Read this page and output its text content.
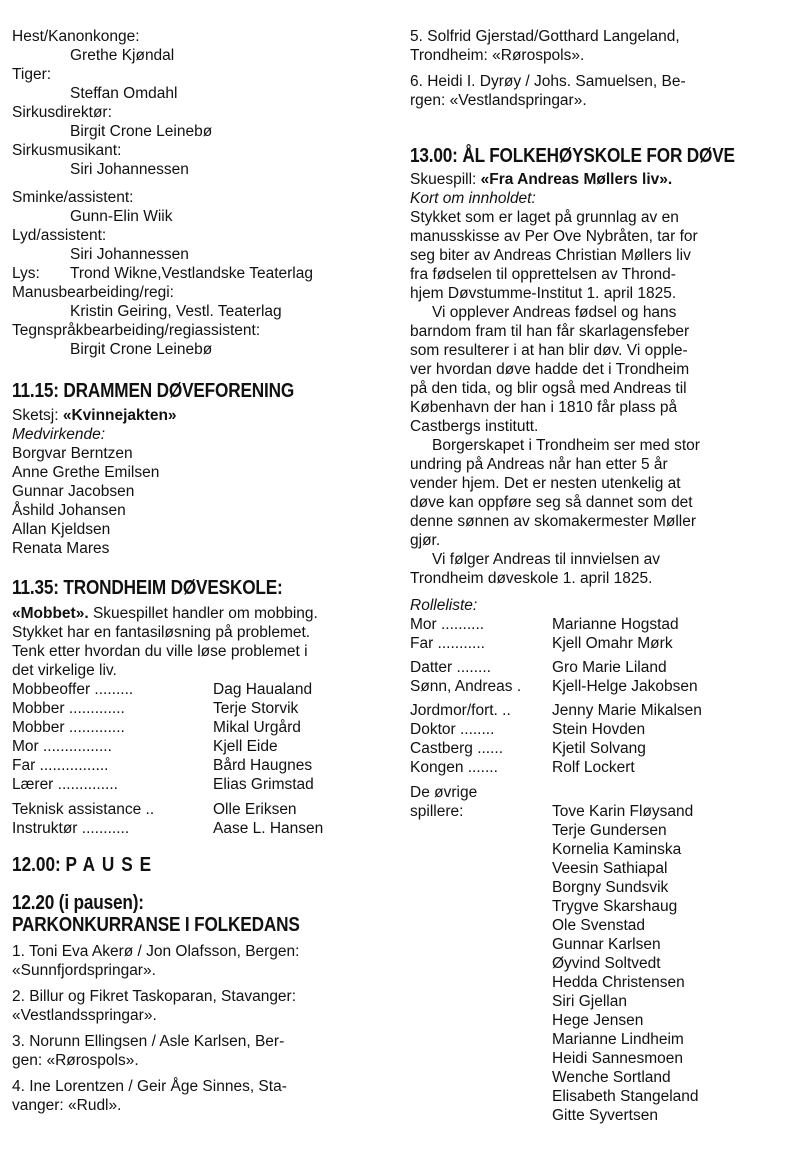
Hest/Kanonkonge:
Grethe Kjøndal
Tiger:
Steffan Omdahl
Sirkusdirektør:
Birgit Crone Leinebø
Sirkusmusikant:
Siri Johannessen
Sminke/assistent:
Gunn-Elin Wiik
Lyd/assistent:
Siri Johannessen
Lys:	Trond Wikne,Vestlandske Teaterlag
Manusbearbeiding/regi:
Kristin Geiring, Vestl. Teaterlag
Tegnspråkbearbeiding/regiassistent:
Birgit Crone Leinebø
11.15: DRAMMEN DØVEFORENING
Sketsj: «Kvinnejakten»
Medvirkende:
Borgvar Berntzen
Anne Grethe Emilsen
Gunnar Jacobsen
Åshild Johansen
Allan Kjeldsen
Renata Mares
11.35: TRONDHEIM DØVESKOLE:
«Mobbet». Skuespillet handler om mobbing.
Stykket har en fantasiløsning på problemet.
Tenk etter hvordan du ville løse problemet i
det virkelige liv.
Mobbeoffer .........	Dag Haualand
Mobber .............	Terje Storvik
Mobber .............	Mikal Urgård
Mor ................	Kjell Eide
Far ................	Bård Haugnes
Lærer ..............	Elias Grimstad
Teknisk assistance ..	Olle Eriksen
Instruktør ...........	Aase L. Hansen
12.00: PAUSE
12.20 (i pausen):
PARKONKURRANSE I FOLKEDANS
1. Toni Eva Akerø / Jon Olafsson, Bergen:
«Sunnfjordspringar».
2. Billur og Fikret Taskoparan, Stavanger:
«Vestlandsspringar».
3. Norunn Ellingsen / Asle Karlsen, Ber-
gen: «Rørospols».
4. Ine Lorentzen / Geir Åge Sinnes, Sta-
vanger: «Rudl».
5. Solfrid Gjerstad/Gotthard Langeland,
Trondheim: «Rørospols».
6. Heidi I. Dyrøy / Johs. Samuelsen, Be-
rgen: «Vestlandspringar».
13.00: ÅL FOLKEHØYSKOLE FOR DØVE
Skuespill: «Fra Andreas Møllers liv».
Kort om innholdet:
Stykket som er laget på grunnlag av en
manusskisse av Per Ove Nybråten, tar for
seg biter av Andreas Christian Møllers liv
fra fødselen til opprettelsen av Thrond-
hjem Døvstumme-Institut 1. april 1825.
Vi opplever Andreas fødsel og hans
barndom fram til han får skarlagensfeber
som resulterer i at han blir døv. Vi opple-
ver hvordan døve hadde det i Trondheim
på den tida, og blir også med Andreas til
København der han i 1810 får plass på
Castbergs institutt.
Borgerskapet i Trondheim ser med stor
undring på Andreas når han etter 5 år
vender hjem. Det er nesten utenkelig at
døve kan oppføre seg så dannet som det
denne sønnen av skomakermester Møller
gjør.
Vi følger Andreas til innvielsen av
Trondheim døveskole 1. april 1825.
Rolleliste:
Mor ..........	Marianne Hogstad
Far ...........	Kjell Omahr Mørk
Datter ........	Gro Marie Liland
Sønn, Andreas .	Kjell-Helge Jakobsen
Jordmor/fort. ..	Jenny Marie Mikalsen
Doktor ........	Stein Hovden
Castberg ......	Kjetil Solvang
Kongen .......	Rolf Lockert
De øvrige
spillere:	Tove Karin Fløysand
Terje Gundersen
Kornelia Kaminska
Veesin Sathiapal
Borgny Sundsvik
Trygve Skarshaug
Ole Svenstad
Gunnar Karlsen
Øyvind Soltvedt
Hedda Christensen
Siri Gjellan
Hege Jensen
Marianne Lindheim
Heidi Sannesmoen
Wenche Sortland
Elisabeth Stangeland
Gitte Syvertsen
